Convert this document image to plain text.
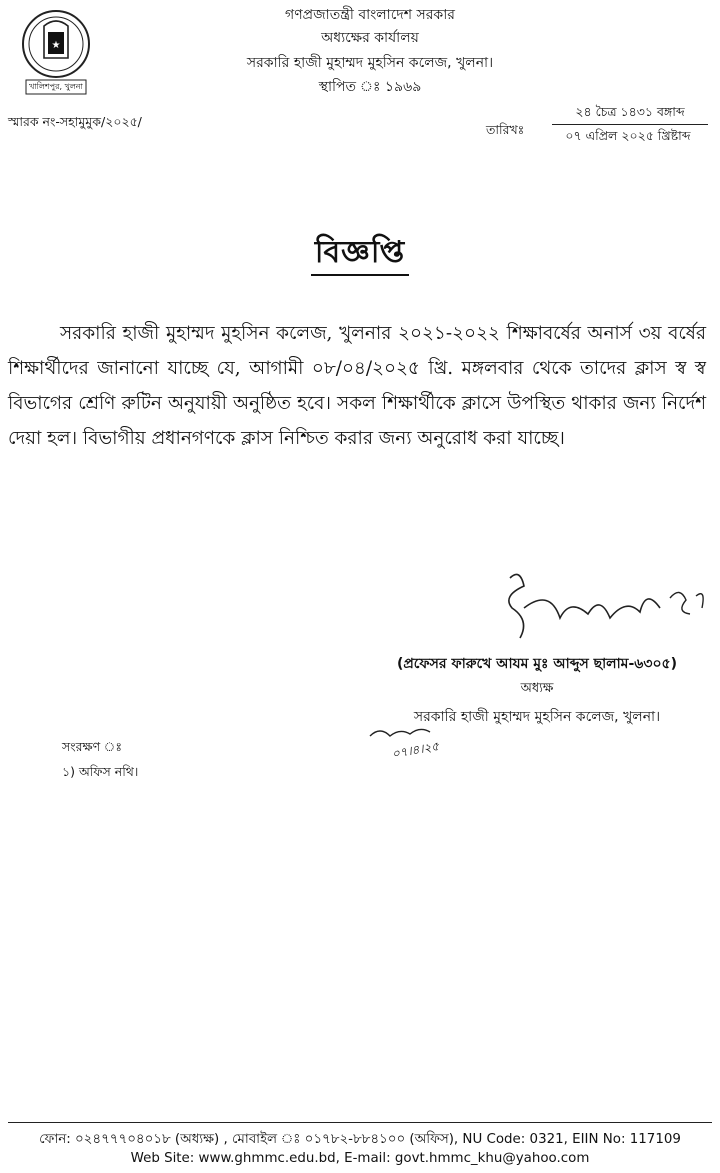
★
খালিশপুর, খুলনা
গণপ্রজাতন্ত্রী বাংলাদেশ সরকার
অধ্যক্ষের কার্যালয়
সরকারি হাজী মুহাম্মদ মুহসিন কলেজ, খুলনা।
স্থাপিত ঃ ১৯৬৯
স্মারক নং-সহামুমুক/২০২৫/
তারিখঃ
২৪ চৈত্র ১৪৩১ বঙ্গাব্দ
০৭ এপ্রিল ২০২৫ খ্রিষ্টাব্দ
বিজ্ঞপ্তি
সরকারি হাজী মুহাম্মদ মুহসিন কলেজ, খুলনার ২০২১-২০২২ শিক্ষাবর্ষের অনার্স ৩য় বর্ষের শিক্ষার্থীদের জানানো যাচ্ছে যে, আগামী ০৮/০৪/২০২৫ খ্রি. মঙ্গলবার থেকে তাদের ক্লাস স্ব স্ব বিভাগের শ্রেণি রুটিন অনুযায়ী অনুষ্ঠিত হবে। সকল শিক্ষার্থীকে ক্লাসে উপস্থিত থাকার জন্য নির্দেশ দেয়া হল। বিভাগীয় প্রধানগণকে ক্লাস নিশ্চিত করার জন্য অনুরোধ করা যাচ্ছে।
(প্রফেসর ফারুখে আযম মুঃ আব্দুস ছালাম-৬৩০৫)
অধ্যক্ষ
সরকারি হাজী মুহাম্মদ মুহসিন কলেজ, খুলনা।
০৭।৪।২৫
সংরক্ষণ ঃ
১) অফিস নথি।
ফোন: ০২৪৭৭৭০৪০১৮ (অধ্যক্ষ) , মোবাইল ঃ ০১৭৮২-৮৮৪১০০ (অফিস), NU Code: 0321, EIIN No: 117109
Web Site: www.ghmmc.edu.bd, E-mail: govt.hmmc_khu@yahoo.com
